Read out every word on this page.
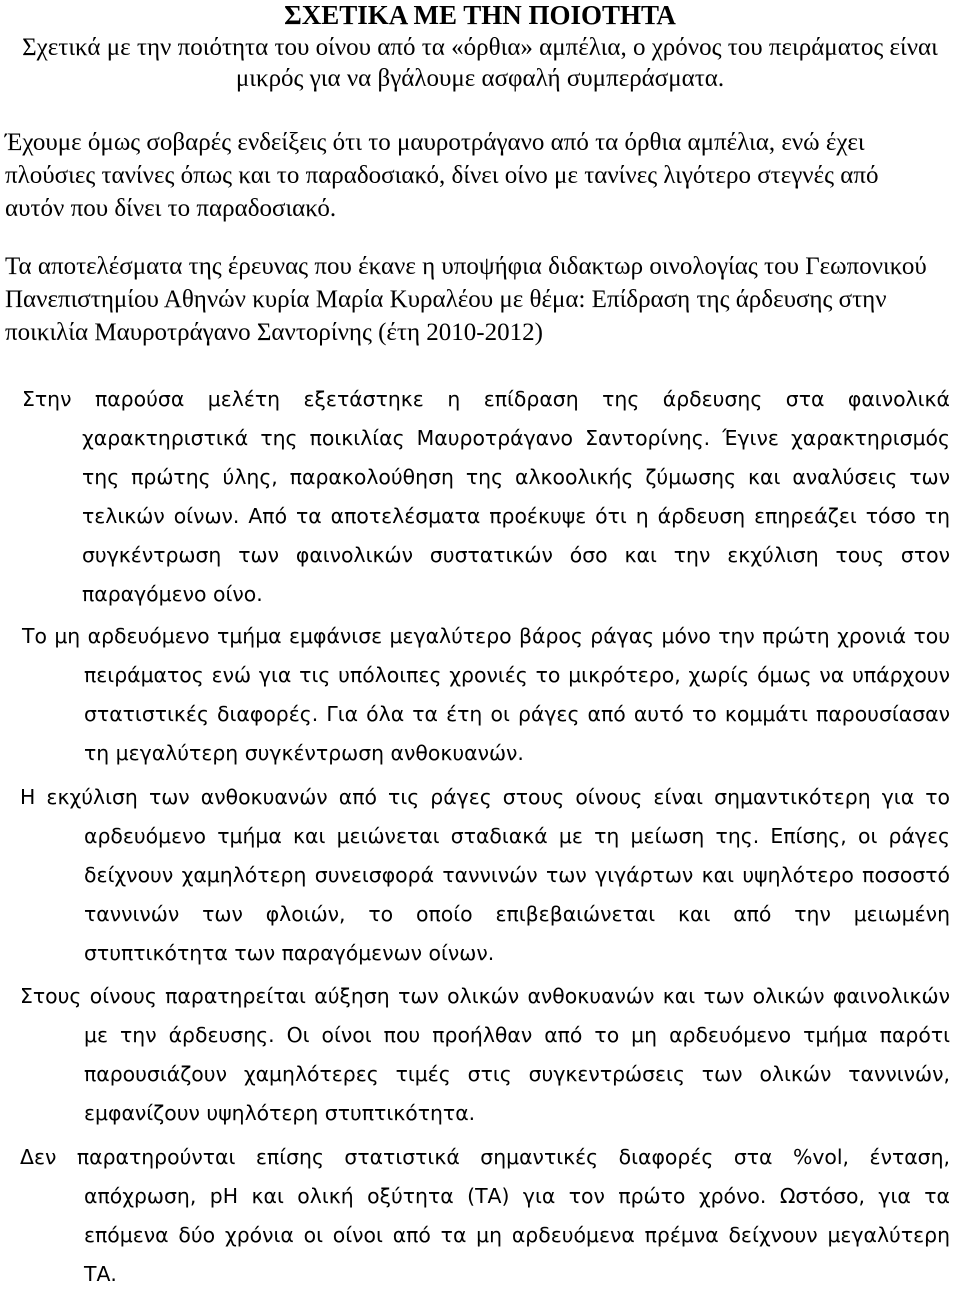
ΣΧΕΤΙΚΑ ΜΕ ΤΗΝ ΠΟΙΟΤΗΤΑ
Σχετικά με την ποιότητα του οίνου από τα «όρθια» αμπέλια, ο χρόνος του πειράματος είναι μικρός για να βγάλουμε ασφαλή συμπεράσματα.
Έχουμε όμως σοβαρές ενδείξεις ότι το μαυροτράγανο από τα όρθια αμπέλια, ενώ έχει πλούσιες τανίνες όπως και το παραδοσιακό, δίνει οίνο με τανίνες λιγότερο στεγνές από αυτόν που δίνει το παραδοσιακό.
Τα αποτελέσματα της έρευνας που έκανε η υποψήφια διδακτωρ οινολογίας του Γεωπονικού Πανεπιστημίου Αθηνών κυρία Μαρία Κυραλέου με θέμα: Επίδραση της άρδευσης στην ποικιλία Μαυροτράγανο Σαντορίνης (έτη 2010-2012)
Στην παρούσα μελέτη εξετάστηκε η επίδραση της άρδευσης στα φαινολικά χαρακτηριστικά της ποικιλίας Μαυροτράγανο Σαντορίνης. Έγινε χαρακτηρισμός της πρώτης ύλης, παρακολούθηση της αλκοολικής ζύμωσης και αναλύσεις των τελικών οίνων. Από τα αποτελέσματα προέκυψε ότι η άρδευση επηρεάζει τόσο τη συγκέντρωση των φαινολικών συστατικών όσο και την εκχύλιση τους στον παραγόμενο οίνο.
Το μη αρδευόμενο τμήμα εμφάνισε μεγαλύτερο βάρος ράγας μόνο την πρώτη χρονιά του πειράματος ενώ για τις υπόλοιπες χρονιές το μικρότερο, χωρίς όμως να υπάρχουν στατιστικές διαφορές. Για όλα τα έτη οι ράγες από αυτό το κομμάτι παρουσίασαν τη μεγαλύτερη συγκέντρωση ανθοκυανών.
Η εκχύλιση των ανθοκυανών από τις ράγες στους οίνους είναι σημαντικότερη για το αρδευόμενο τμήμα και μειώνεται σταδιακά με τη μείωση της. Επίσης, οι ράγες δείχνουν χαμηλότερη συνεισφορά ταννινών των γιγάρτων και υψηλότερο ποσοστό ταννινών των φλοιών, το οποίο επιβεβαιώνεται και από την μειωμένη στυπτικότητα των παραγόμενων οίνων.
Στους οίνους παρατηρείται αύξηση των ολικών ανθοκυανών και των ολικών φαινολικών με την άρδευσης. Οι οίνοι που προήλθαν από το μη αρδευόμενο τμήμα παρότι παρουσιάζουν χαμηλότερες τιμές στις συγκεντρώσεις των ολικών ταννινών, εμφανίζουν υψηλότερη στυπτικότητα.
Δεν παρατηρούνται επίσης στατιστικά σημαντικές διαφορές στα %vol, ένταση, απόχρωση, pH και ολική οξύτητα (ΤΑ) για τον πρώτο χρόνο. Ωστόσο, για τα επόμενα δύο χρόνια οι οίνοι από τα μη αρδευόμενα πρέμνα δείχνουν μεγαλύτερη ΤΑ.
